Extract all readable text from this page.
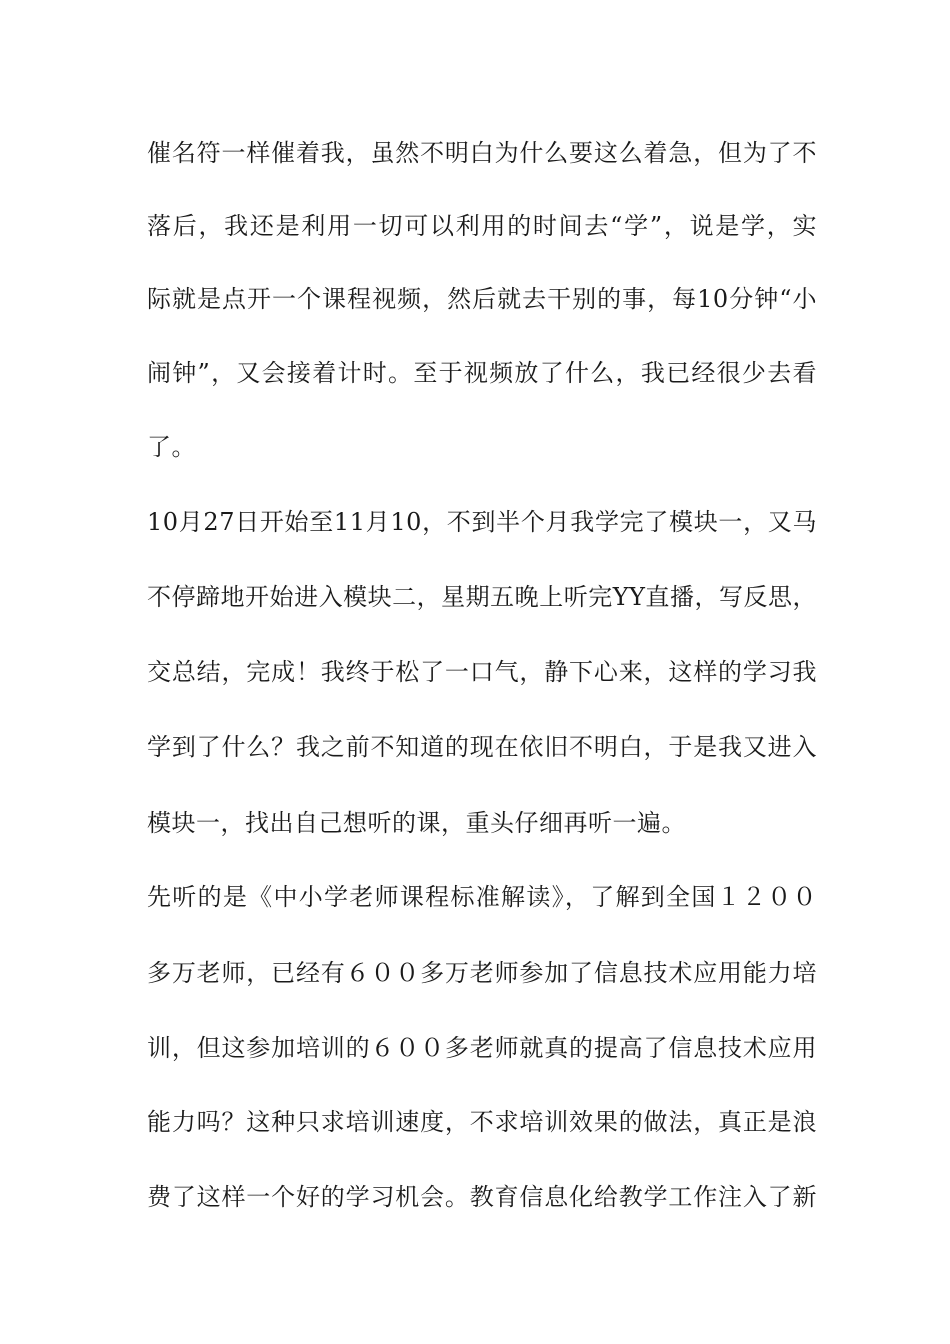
催名符一样催着我，虽然不明白为什么要这么着急，但为了不
落后，我还是利用一切可以利用的时间去“学”，说是学，实
际就是点开一个课程视频，然后就去干别的事，每10分钟“小
闹钟”，又会接着计时。至于视频放了什么，我已经很少去看
了。
10月27日开始至11月10，不到半个月我学完了模块一，又马
不停蹄地开始进入模块二，星期五晚上听完YY直播，写反思，
交总结，完成！我终于松了一口气，静下心来，这样的学习我
学到了什么？我之前不知道的现在依旧不明白，于是我又进入
模块一，找出自己想听的课，重头仔细再听一遍。
先听的是《中小学老师课程标准解读》，了解到全国１２００
多万老师，已经有６００多万老师参加了信息技术应用能力培
训，但这参加培训的６００多老师就真的提高了信息技术应用
能力吗？这种只求培训速度，不求培训效果的做法，真正是浪
费了这样一个好的学习机会。教育信息化给教学工作注入了新
